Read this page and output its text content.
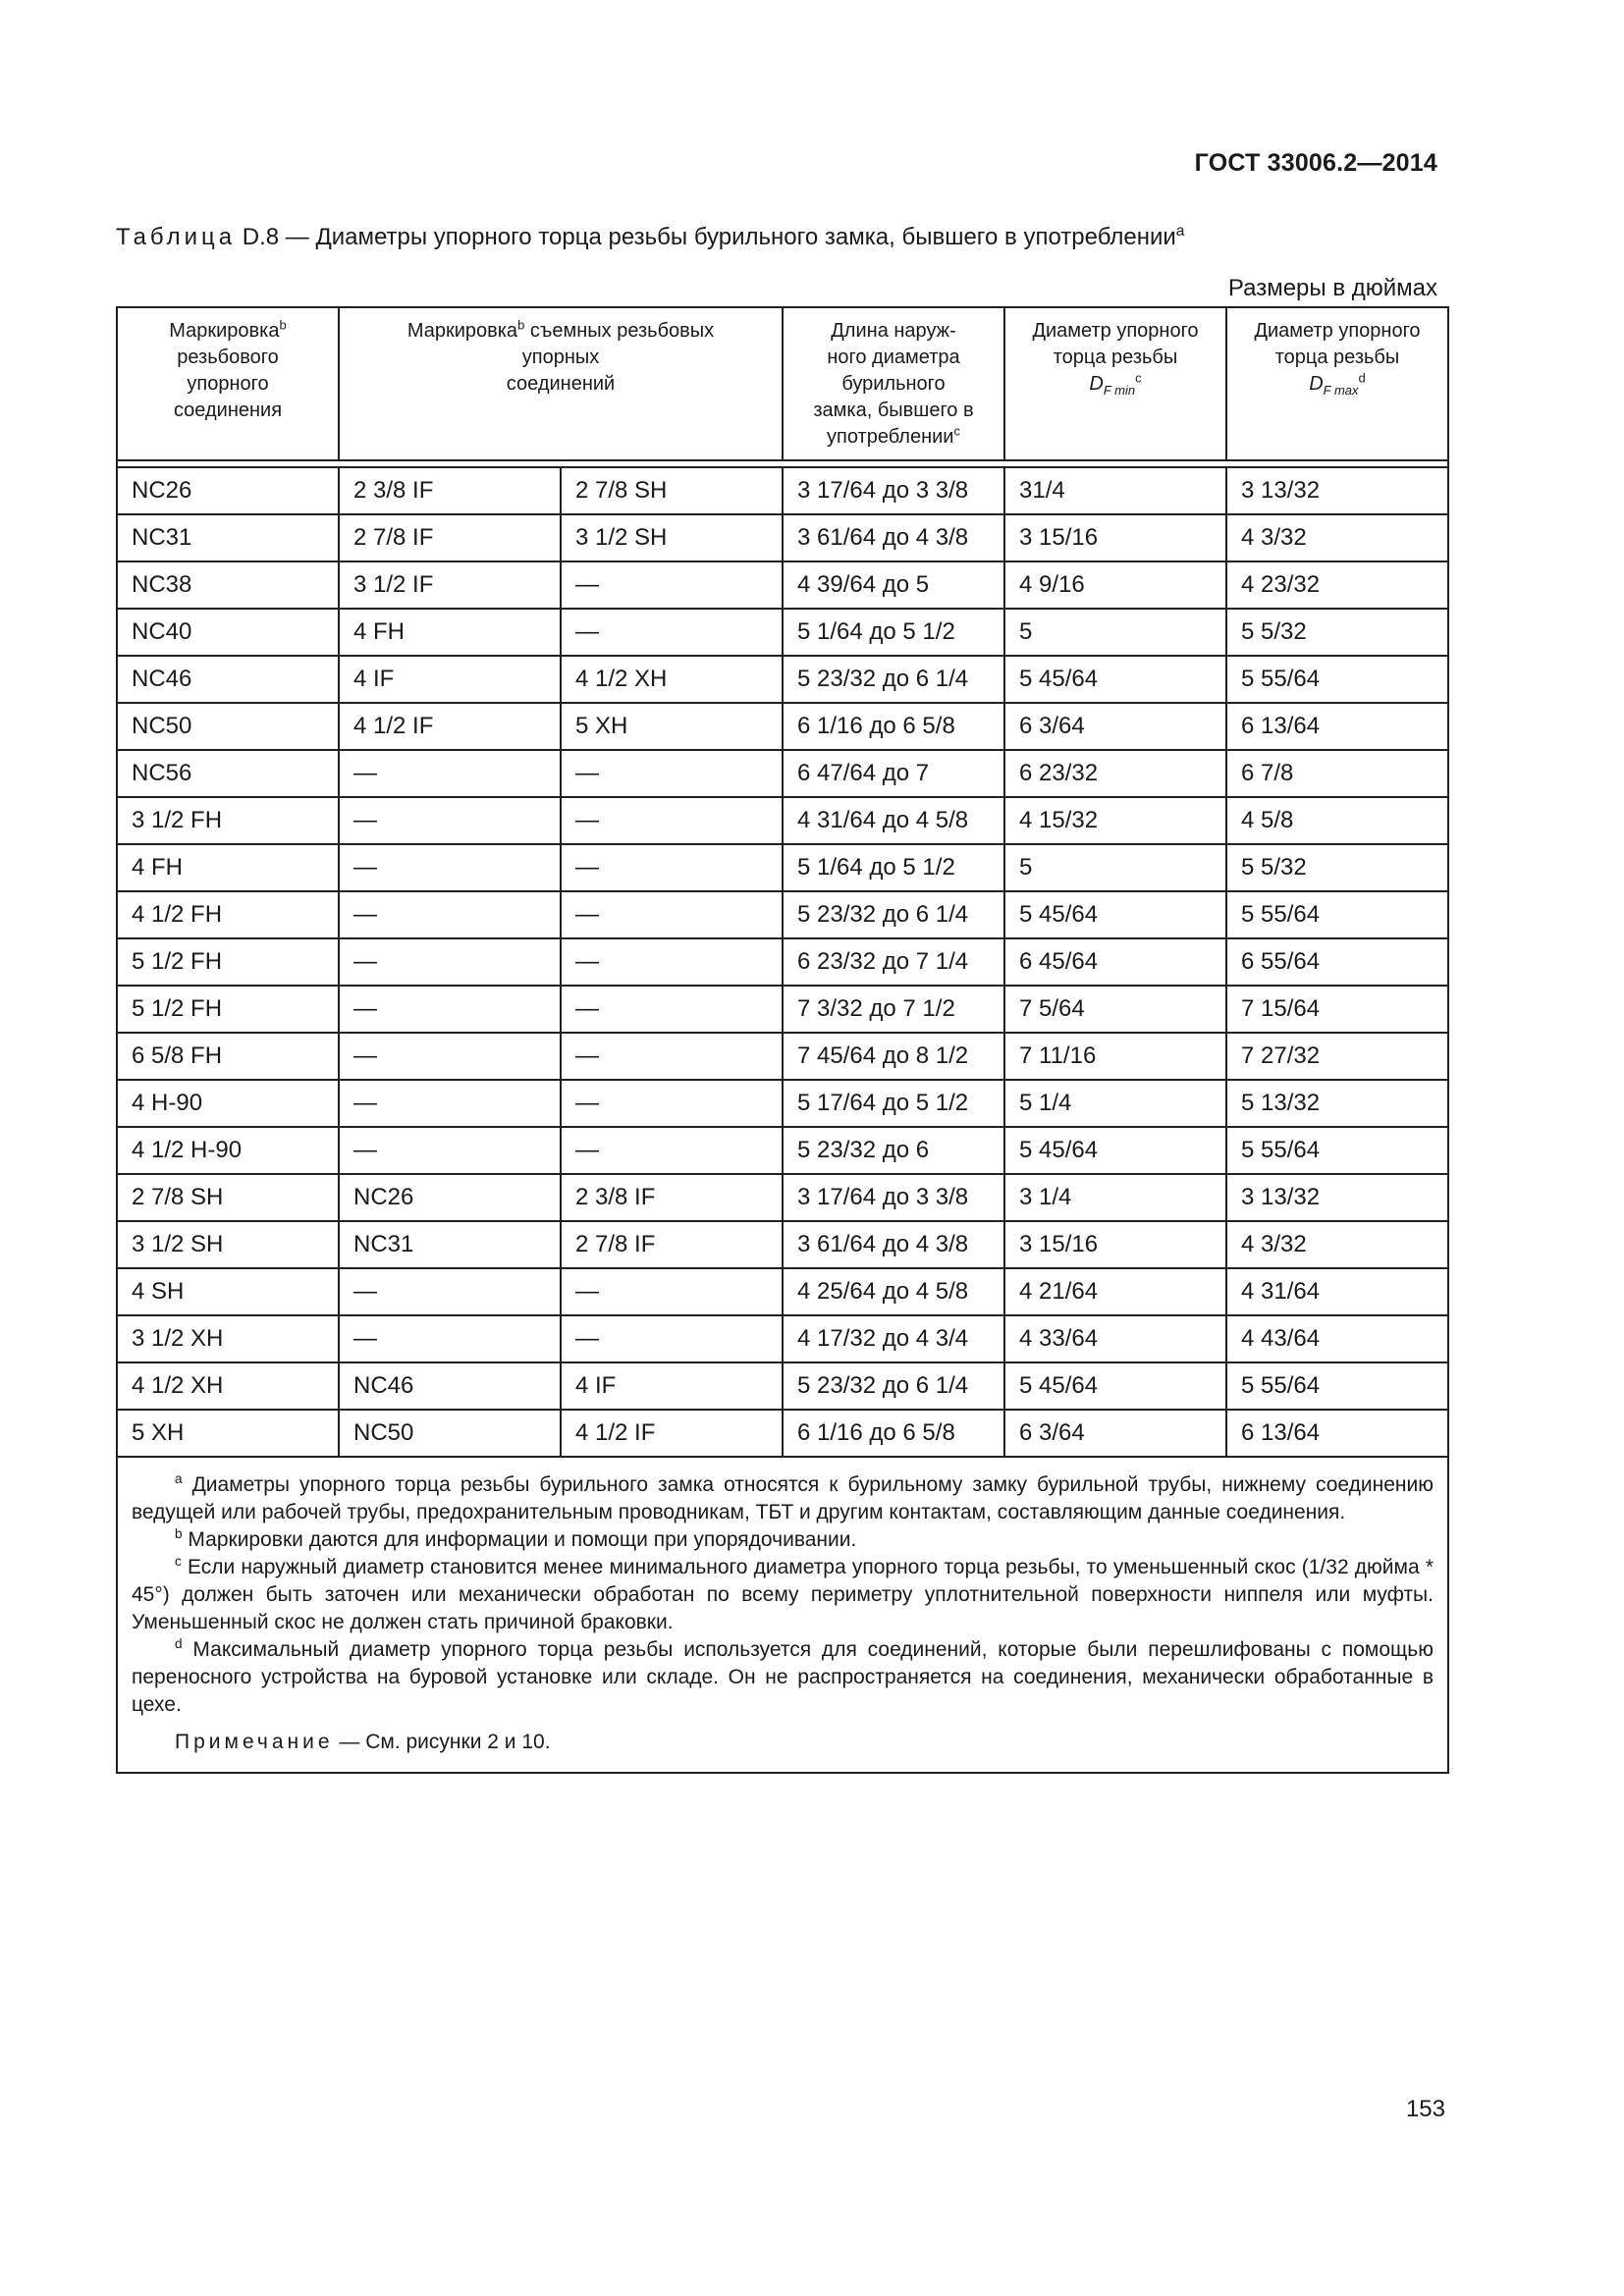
ГОСТ 33006.2—2014
Таблица D.8 — Диаметры упорного торца резьбы бурильного замка, бывшего в употреблении$^a$
Размеры в дюймах
Маркировка$^b$
резьбового
упорного
соединения	Маркировка$^b$ съемных резьбовых
упорных
соединений		Длина наруж-
ного диаметра
бурильного
замка, бывшего в
употреблении$^c$	Диаметр упорного
торца резьбы
$D_{F min}^c$	Диаметр упорного
торца резьбы
$D_{F max}^d$

NC26	2 3/8 IF	2 7/8 SH	3 17/64 до 3 3/8	31/4	3 13/32
NC31	2 7/8 IF	3 1/2 SH	3 61/64 до 4 3/8	3 15/16	4 3/32
NC38	3 1/2 IF	—	4 39/64 до 5	4 9/16	4 23/32
NC40	4 FH	—	5 1/64 до 5 1/2	5	5 5/32
NC46	4 IF	4 1/2 XH	5 23/32 до 6 1/4	5 45/64	5 55/64
NC50	4 1/2 IF	5 XH	6 1/16 до 6 5/8	6 3/64	6 13/64
NC56	—	—	6 47/64 до 7	6 23/32	6 7/8
3 1/2 FH	—	—	4 31/64 до 4 5/8	4 15/32	4 5/8
4 FH	—	—	5 1/64 до 5 1/2	5	5 5/32
4 1/2 FH	—	—	5 23/32 до 6 1/4	5 45/64	5 55/64
5 1/2 FH	—	—	6 23/32 до 7 1/4	6 45/64	6 55/64
5 1/2 FH	—	—	7 3/32 до 7 1/2	7 5/64	7 15/64
6 5/8 FH	—	—	7 45/64 до 8 1/2	7 11/16	7 27/32
4 H-90	—	—	5 17/64 до 5 1/2	5 1/4	5 13/32
4 1/2 H-90	—	—	5 23/32 до 6	5 45/64	5 55/64
2 7/8 SH	NC26	2 3/8 IF	3 17/64 до 3 3/8	3 1/4	3 13/32
3 1/2 SH	NC31	2 7/8 IF	3 61/64 до 4 3/8	3 15/16	4 3/32
4 SH	—	—	4 25/64 до 4 5/8	4 21/64	4 31/64
3 1/2 XH	—	—	4 17/32 до 4 3/4	4 33/64	4 43/64
4 1/2 XH	NC46	4 IF	5 23/32 до 6 1/4	5 45/64	5 55/64
5 XH	NC50	4 1/2 IF	6 1/16 до 6 5/8	6 3/64	6 13/64

$^a$ Диаметры упорного торца резьбы бурильного замка относятся к бурильному замку бурильной трубы, нижнему соединению ведущей или рабочей трубы, предохранительным проводникам, ТБТ и другим контактам, составляющим данные соединения.

$^b$ Маркировки даются для информации и помощи при упорядочивании.

$^c$ Если наружный диаметр становится менее минимального диаметра упорного торца резьбы, то уменьшенный скос (1/32 дюйма * 45°) должен быть заточен или механически обработан по всему периметру уплотнительной поверхности ниппеля или муфты. Уменьшенный скос не должен стать причиной браковки.

$^d$ Максимальный диаметр упорного торца резьбы используется для соединений, которые были перешлифованы с помощью переносного устройства на буровой установке или складе. Он не распространяется на соединения, механически обработанные в цехе.

Примечание — См. рисунки 2 и 10.					

153
